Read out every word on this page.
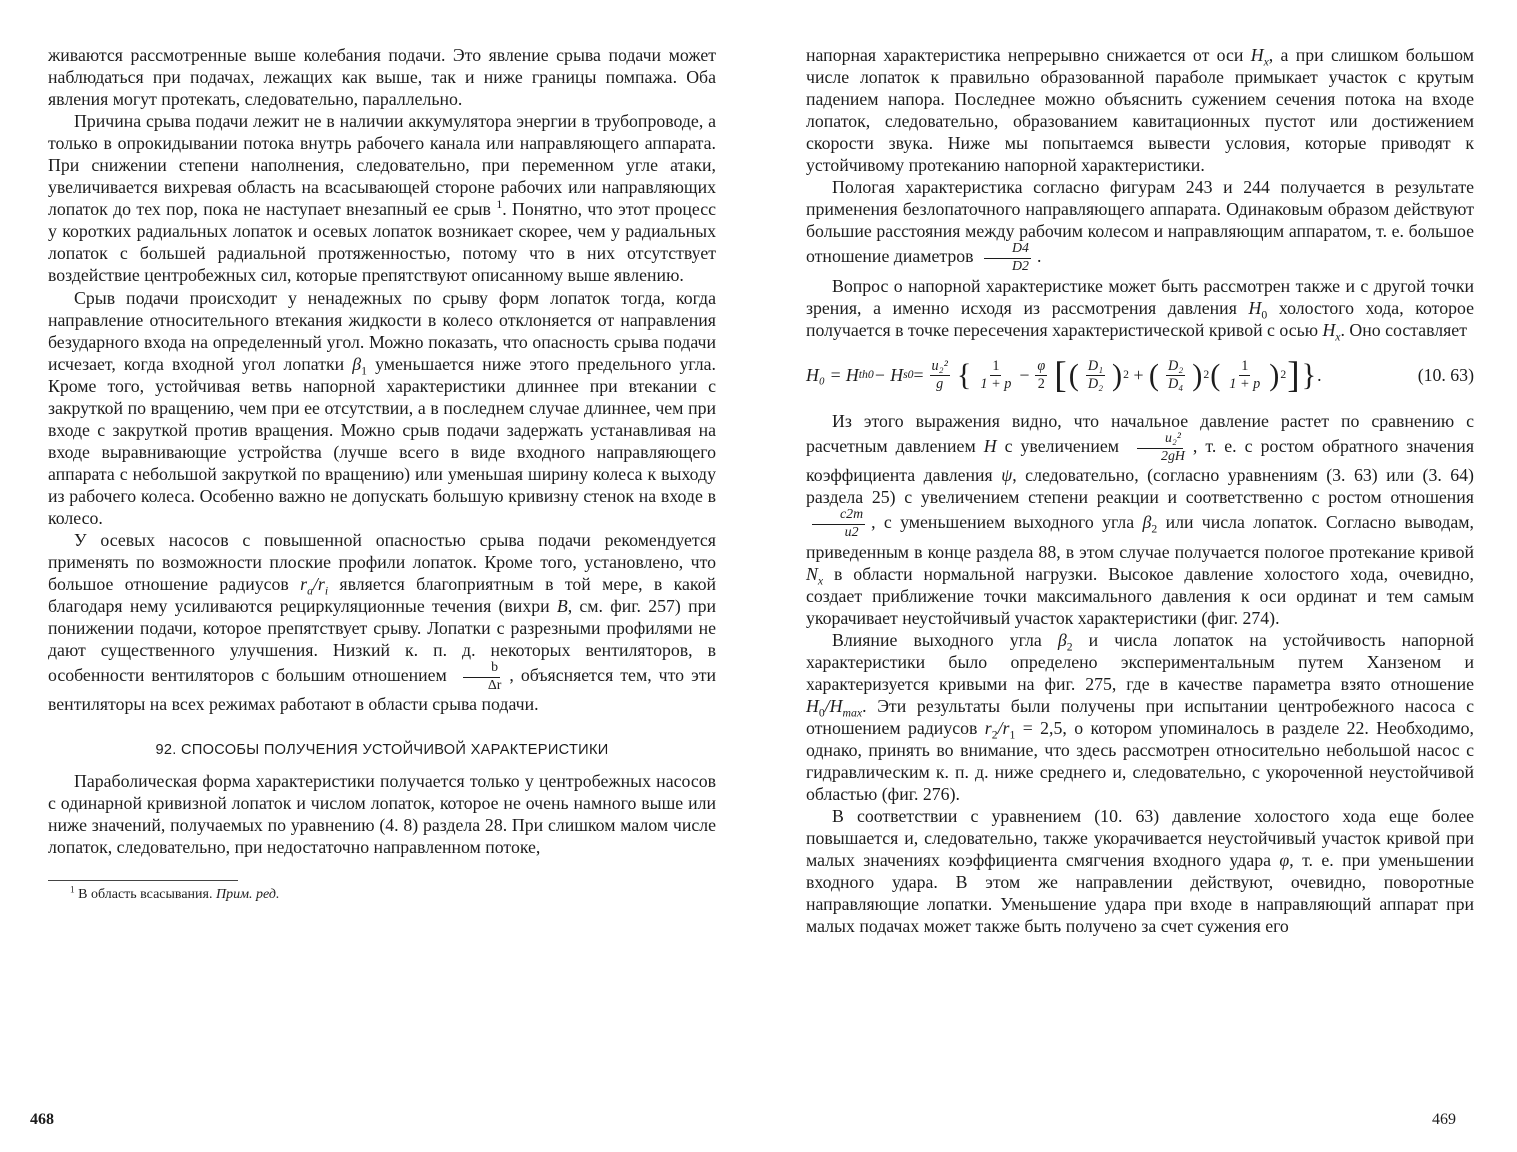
живаются рассмотренные выше колебания подачи. Это явление срыва подачи может наблюдаться при подачах, лежащих как выше, так и ниже границы помпажа. Оба явления могут протекать, следовательно, параллельно.

Причина срыва подачи лежит не в наличии аккумулятора энергии в трубопроводе, а только в опрокидывании потока внутрь рабочего канала или направляющего аппарата. При снижении степени наполнения, следовательно, при переменном угле атаки, увеличивается вихревая область на всасывающей стороне рабочих или направляющих лопаток до тех пор, пока не наступает внезапный ее срыв $^1$. Понятно, что этот процесс у коротких радиальных лопаток и осевых лопаток возникает скорее, чем у радиальных лопаток с большей радиальной протяженностью, потому что в них отсутствует воздействие центробежных сил, которые препятствуют описанному выше явлению.

Срыв подачи происходит у ненадежных по срыву форм лопаток тогда, когда направление относительного втекания жидкости в колесо отклоняется от направления безударного входа на определенный угол. Можно показать, что опасность срыва подачи исчезает, когда входной угол лопатки $\beta_1$ уменьшается ниже этого предельного угла. Кроме того, устойчивая ветвь напорной характеристики длиннее при втекании с закруткой по вращению, чем при ее отсутствии, а в последнем случае длиннее, чем при входе с закруткой против вращения. Можно срыв подачи задержать устанавливая на входе выравнивающие устройства (лучше всего в виде входного направляющего аппарата с небольшой закруткой по вращению) или уменьшая ширину колеса к выходу из рабочего колеса. Особенно важно не допускать большую кривизну стенок на входе в колесо.

У осевых насосов с повышенной опасностью срыва подачи рекомендуется применять по возможности плоские профили лопаток. Кроме того, установлено, что большое отношение радиусов $r_a/r_i$ является благоприятным в той мере, в какой благодаря нему усиливаются рециркуляционные течения (вихри B, см. фиг. 257) при понижении подачи, которое препятствует срыву. Лопатки с разрезными профилями не дают существенного улучшения. Низкий к. п. д. некоторых вентиляторов, в особенности вентиляторов с большим отношением $\frac{b}{\Delta r}$ , объясняется тем, что эти вентиляторы на всех режимах работают в области срыва подачи.

92. СПОСОБЫ ПОЛУЧЕНИЯ УСТОЙЧИВОЙ ХАРАКТЕРИСТИКИ

Параболическая форма характеристики получается только у центробежных насосов с одинарной кривизной лопаток и числом лопаток, которое не очень намного выше или ниже значений, получаемых по уравнению (4. 8) раздела 28. При слишком малом числе лопаток, следовательно, при недостаточно направленном потоке,

$^1$ В область всасывания. Прим. ред.

напорная характеристика непрерывно снижается от оси $H_x$, а при слишком большом числе лопаток к правильно образованной параболе примыкает участок с крутым падением напора. Последнее можно объяснить сужением сечения потока на входе лопаток, следовательно, образованием кавитационных пустот или достижением скорости звука. Ниже мы попытаемся вывести условия, которые приводят к устойчивому протеканию напорной характеристики.

Пологая характеристика согласно фигурам 243 и 244 получается в результате применения безлопаточного направляющего аппарата. Одинаковым образом действуют большие расстояния между рабочим колесом и направляющим аппаратом, т. е. большое отношение диаметров $\frac{D4}{D2}$ .

Вопрос о напорной характеристике может быть рассмотрен также и с другой точки зрения, а именно исходя из рассмотрения давления $H_0$ холостого хода, которое получается в точке пересечения характеристической кривой с осью $H_x$. Оно составляет

H₀ = H th0 − H $s0 = \frac{\text{u₂²}}{g}$ { $\frac{1}{1 + p} - \frac{\varphi}{2}$ [ ( $\frac{\text{D₁}}{\text{D₂}}$ ) 2 + ( $\frac{\text{D₂}}{\text{D₄}}$ ) 2 ( $\frac{1}{1 + p}$ ) 2 ] } .	(10. 63)

Из этого выражения видно, что начальное давление растет по сравнению с расчетным давлением H с увеличением $\frac{\text{u₂²}}{2gH}$ , т. е. с ростом обратного значения коэффициента давления ψ, следовательно, (согласно уравнениям (3. 63) или (3. 64) раздела 25) с увеличением степени реакции и соответственно с ростом отношения
$\frac{c2m}{u2}$ , с уменьшением выходного угла $\beta_2$ или числа лопаток. Согласно выводам, приведенным в конце раздела 88, в этом случае получается пологое протекание кривой $N_x$ в области нормальной нагрузки. Высокое давление холостого хода, очевидно, создает приближение точки максимального давления к оси ординат и тем самым укорачивает неустойчивый участок характеристики (фиг. 274).

Влияние выходного угла $\beta_2$ и числа лопаток на устойчивость напорной характеристики было определено экспериментальным путем Ханзеном и характеризуется кривыми на фиг. 275, где в качестве параметра взято отношение $H_0/H_{max}$. Эти результаты были получены при испытании центробежного насоса с отношением радиусов $r_2/r_1 = 2,5$, о котором упоминалось в разделе 22. Необходимо, однако, принять во внимание, что здесь рассмотрен относительно небольшой насос с гидравлическим к. п. д. ниже среднего и, следовательно, с укороченной неустойчивой областью (фиг. 276).

В соответствии с уравнением (10. 63) давление холостого хода еще более повышается и, следовательно, также укорачивается неустойчивый участок кривой при малых значениях коэффициента смягчения входного удара φ, т. е. при уменьшении входного удара. В этом же направлении действуют, очевидно, поворотные направляющие лопатки. Уменьшение удара при входе в направляющий аппарат при малых подачах может также быть получено за счет сужения его

468	469
